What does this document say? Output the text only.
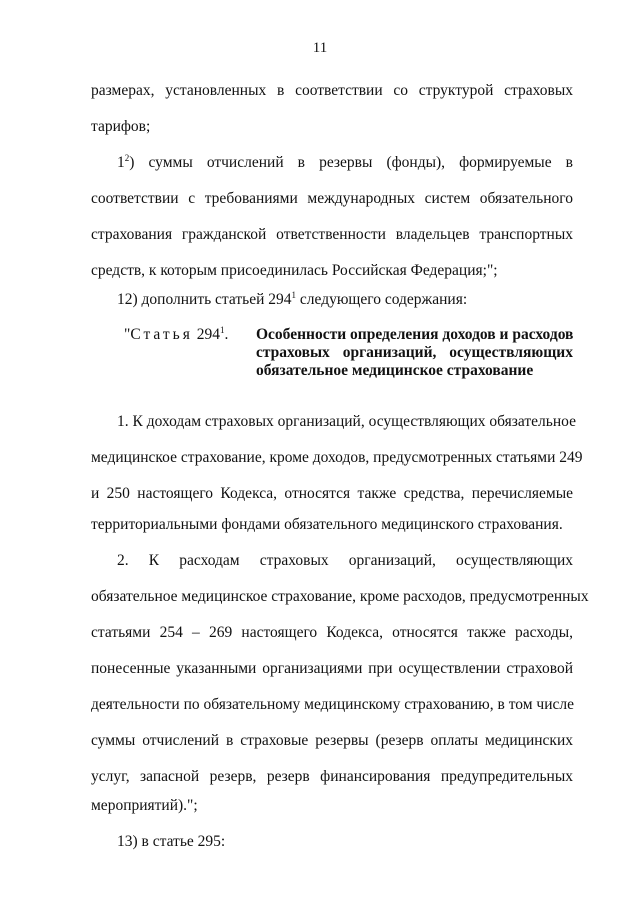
11
размерах, установленных в соответствии со структурой страховых
тарифов;
$1^2$) суммы отчислений в резервы (фонды), формируемые в
соответствии с требованиями международных систем обязательного
страхования гражданской ответственности владельцев транспортных
средств, к которым присоединилась Российская Федерация;";
12) дополнить статьей $294^1$ следующего содержания:
"Статья $294^1$. Особенности определения доходов и расходов
страховых организаций, осуществляющих
обязательное медицинское страхование
1. К доходам страховых организаций, осуществляющих обязательное
медицинское страхование, кроме доходов, предусмотренных статьями 249
и 250 настоящего Кодекса, относятся также средства, перечисляемые
территориальными фондами обязательного медицинского страхования.
2. К расходам страховых организаций, осуществляющих
обязательное медицинское страхование, кроме расходов, предусмотренных
статьями 254 – 269 настоящего Кодекса, относятся также расходы,
понесенные указанными организациями при осуществлении страховой
деятельности по обязательному медицинскому страхованию, в том числе
суммы отчислений в страховые резервы (резерв оплаты медицинских
услуг, запасной резерв, резерв финансирования предупредительных
мероприятий).";
13) в статье 295:
